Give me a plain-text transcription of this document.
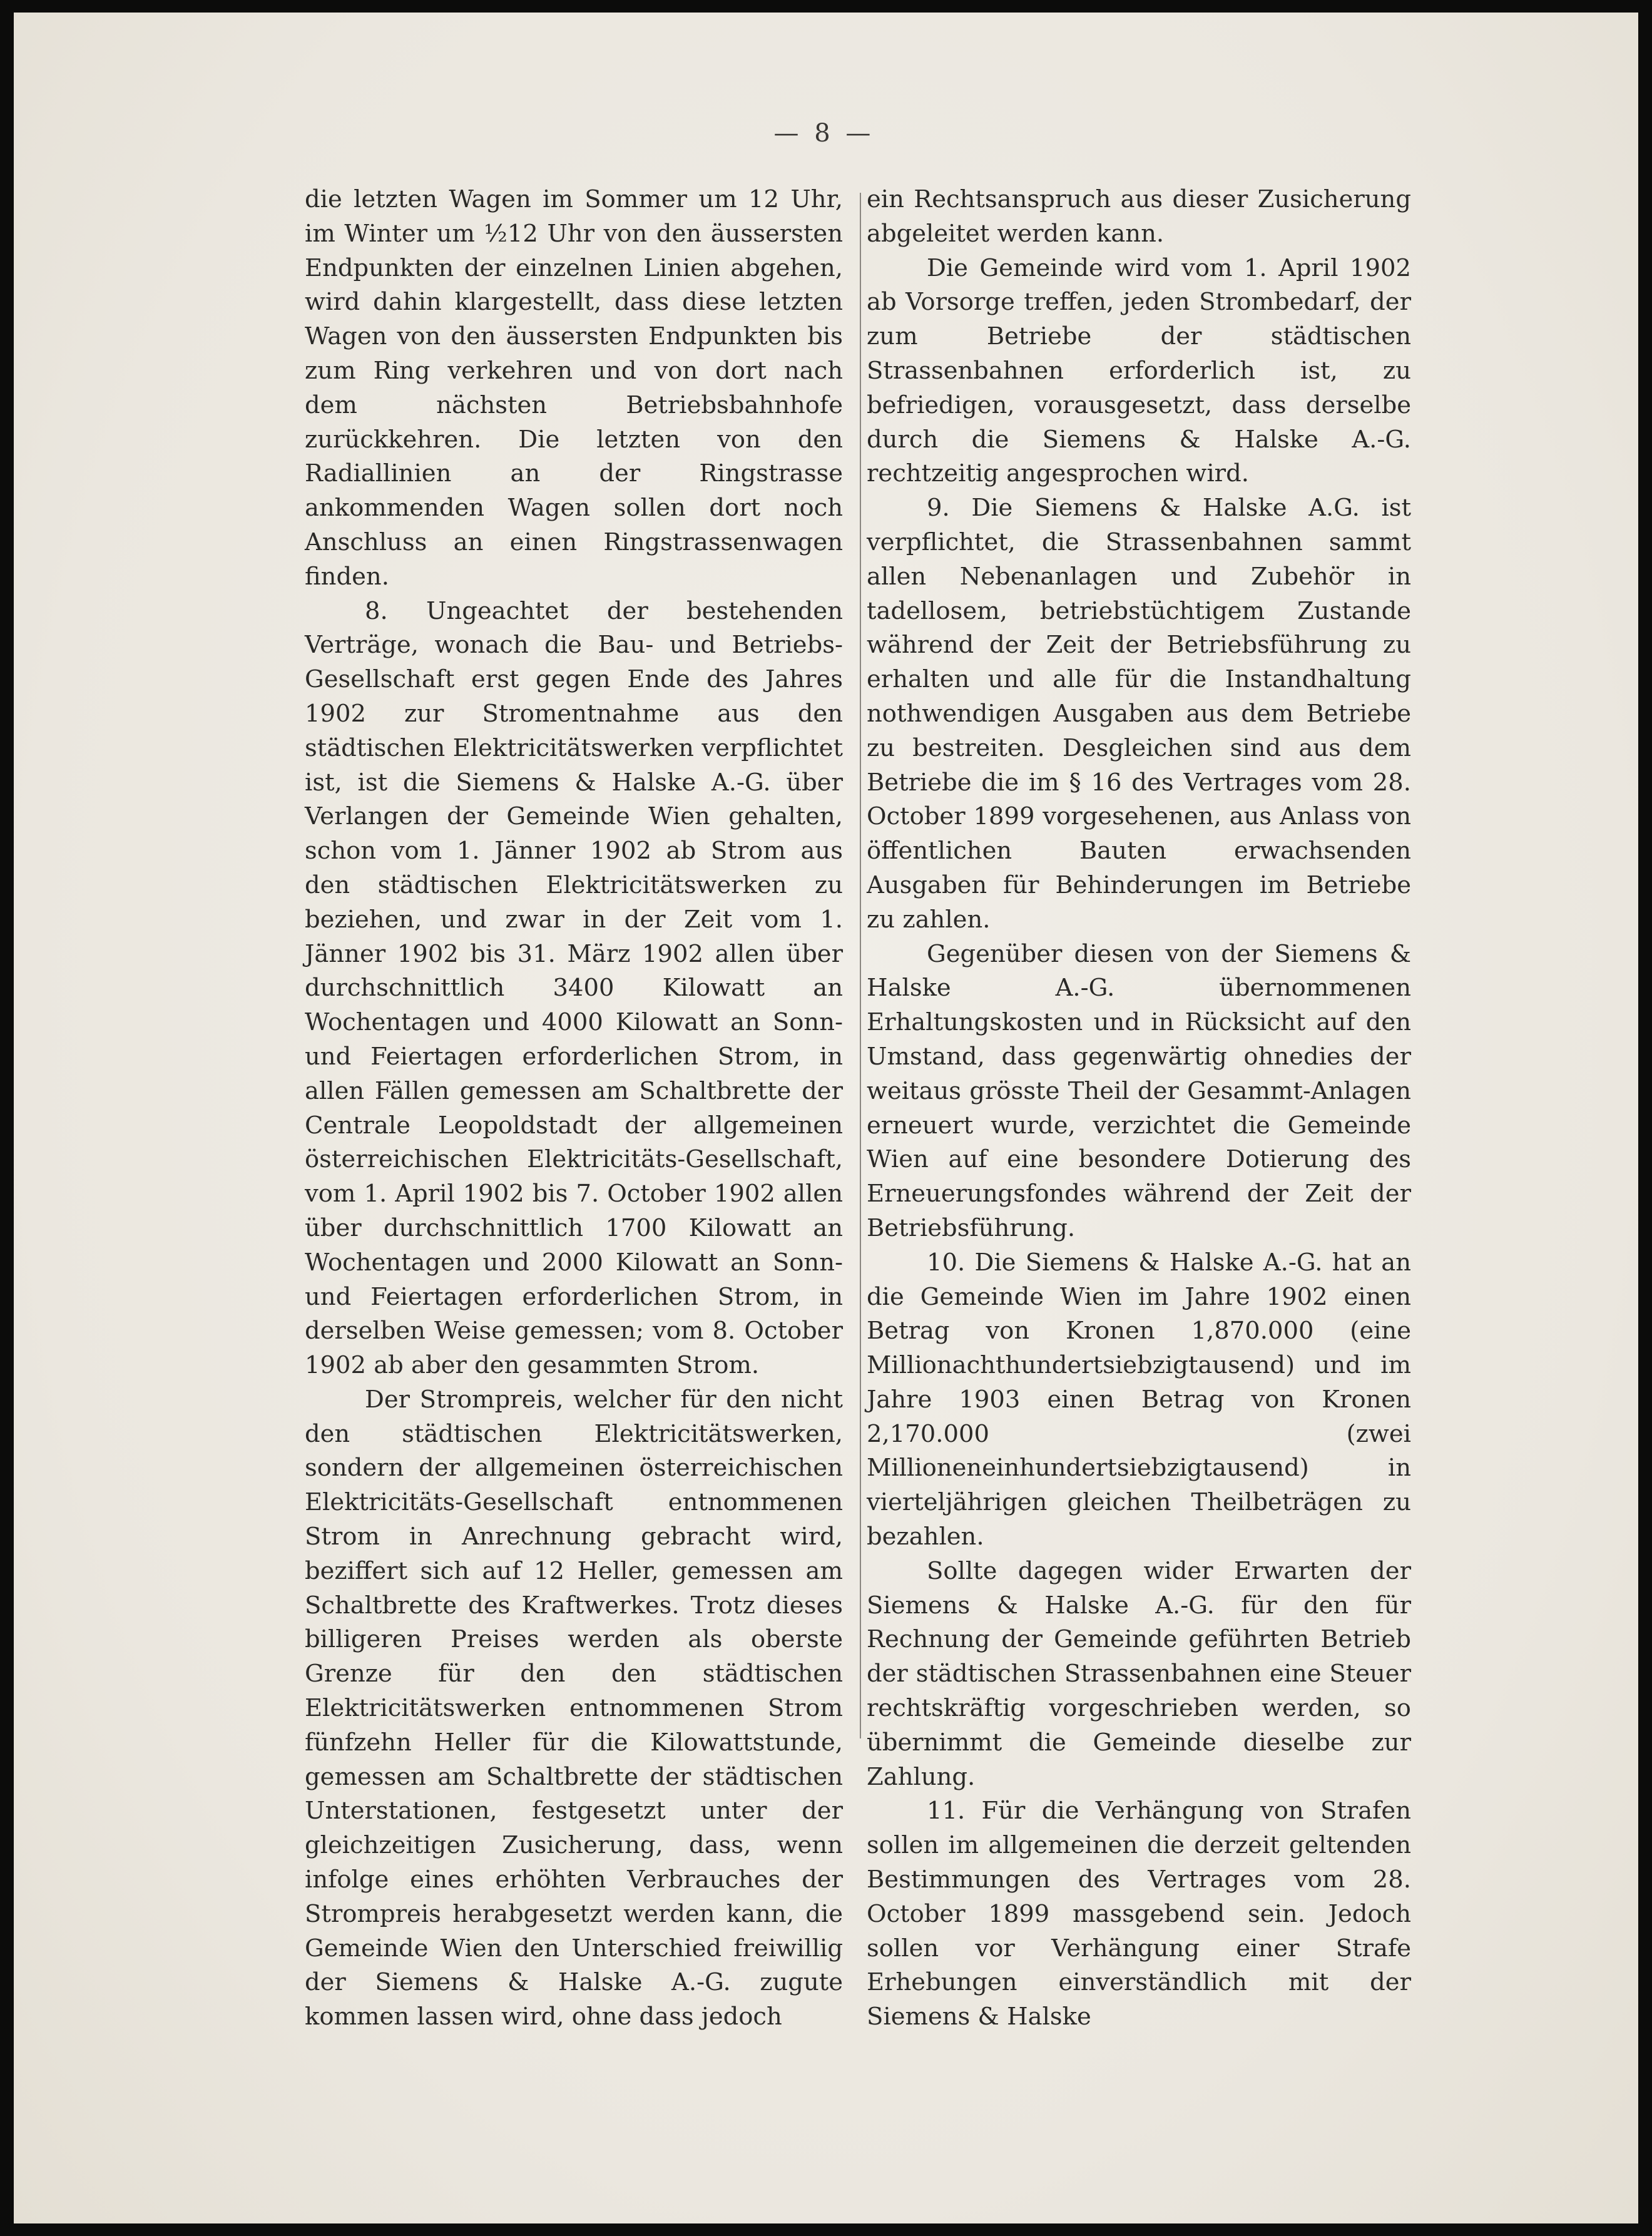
— 8 —

die letzten Wagen im Sommer um 12 Uhr, im Winter um ½12 Uhr von den äussersten Endpunkten der einzelnen Linien abgehen, wird dahin klargestellt, dass diese letzten Wagen von den äussersten Endpunkten bis zum Ring verkehren und von dort nach dem nächsten Betriebsbahnhofe zurückkehren. Die letzten von den Radiallinien an der Ringstrasse ankommenden Wagen sollen dort noch Anschluss an einen Ringstrassenwagen finden.

8. Ungeachtet der bestehenden Verträge, wonach die Bau- und Betriebs-Gesellschaft erst gegen Ende des Jahres 1902 zur Stromentnahme aus den städtischen Elektricitätswerken verpflichtet ist, ist die Siemens & Halske A.-G. über Verlangen der Gemeinde Wien gehalten, schon vom 1. Jänner 1902 ab Strom aus den städtischen Elektricitätswerken zu beziehen, und zwar in der Zeit vom 1. Jänner 1902 bis 31. März 1902 allen über durchschnittlich 3400 Kilowatt an Wochentagen und 4000 Kilowatt an Sonn- und Feiertagen erforderlichen Strom, in allen Fällen gemessen am Schaltbrette der Centrale Leopoldstadt der allgemeinen österreichischen Elektricitäts-Gesellschaft, vom 1. April 1902 bis 7. October 1902 allen über durchschnittlich 1700 Kilowatt an Wochentagen und 2000 Kilowatt an Sonn- und Feiertagen erforderlichen Strom, in derselben Weise gemessen; vom 8. October 1902 ab aber den gesammten Strom.

Der Strompreis, welcher für den nicht den städtischen Elektricitätswerken, sondern der allgemeinen österreichischen Elektricitäts-Gesellschaft entnommenen Strom in Anrechnung gebracht wird, beziffert sich auf 12 Heller, gemessen am Schaltbrette des Kraftwerkes. Trotz dieses billigeren Preises werden als oberste Grenze für den den städtischen Elektricitätswerken entnommenen Strom fünfzehn Heller für die Kilowattstunde, gemessen am Schaltbrette der städtischen Unterstationen, festgesetzt unter der gleichzeitigen Zusicherung, dass, wenn infolge eines erhöhten Verbrauches der Strompreis herabgesetzt werden kann, die Gemeinde Wien den Unterschied freiwillig der Siemens & Halske A.-G. zugute kommen lassen wird, ohne dass jedoch

ein Rechtsanspruch aus dieser Zusicherung abgeleitet werden kann.

Die Gemeinde wird vom 1. April 1902 ab Vorsorge treffen, jeden Strombedarf, der zum Betriebe der städtischen Strassenbahnen erforderlich ist, zu befriedigen, vorausgesetzt, dass derselbe durch die Siemens & Halske A.-G. rechtzeitig angesprochen wird.

9. Die Siemens & Halske A.G. ist verpflichtet, die Strassenbahnen sammt allen Nebenanlagen und Zubehör in tadellosem, betriebstüchtigem Zustande während der Zeit der Betriebsführung zu erhalten und alle für die Instandhaltung nothwendigen Ausgaben aus dem Betriebe zu bestreiten. Desgleichen sind aus dem Betriebe die im § 16 des Vertrages vom 28. October 1899 vorgesehenen, aus Anlass von öffentlichen Bauten erwachsenden Ausgaben für Behinderungen im Betriebe zu zahlen.

Gegenüber diesen von der Siemens & Halske A.-G. übernommenen Erhaltungskosten und in Rücksicht auf den Umstand, dass gegenwärtig ohnedies der weitaus grösste Theil der Gesammt-Anlagen erneuert wurde, verzichtet die Gemeinde Wien auf eine besondere Dotierung des Erneuerungsfondes während der Zeit der Betriebsführung.

10. Die Siemens & Halske A.-G. hat an die Gemeinde Wien im Jahre 1902 einen Betrag von Kronen 1,870.000 (eine Millionachthundertsiebzigtausend) und im Jahre 1903 einen Betrag von Kronen 2,170.000 (zwei Millioneneinhundertsiebzigtausend) in vierteljährigen gleichen Theilbeträgen zu bezahlen.

Sollte dagegen wider Erwarten der Siemens & Halske A.-G. für den für Rechnung der Gemeinde geführten Betrieb der städtischen Strassenbahnen eine Steuer rechtskräftig vorgeschrieben werden, so übernimmt die Gemeinde dieselbe zur Zahlung.

11. Für die Verhängung von Strafen sollen im allgemeinen die derzeit geltenden Bestimmungen des Vertrages vom 28. October 1899 massgebend sein. Jedoch sollen vor Verhängung einer Strafe Erhebungen einverständlich mit der Siemens & Halske
